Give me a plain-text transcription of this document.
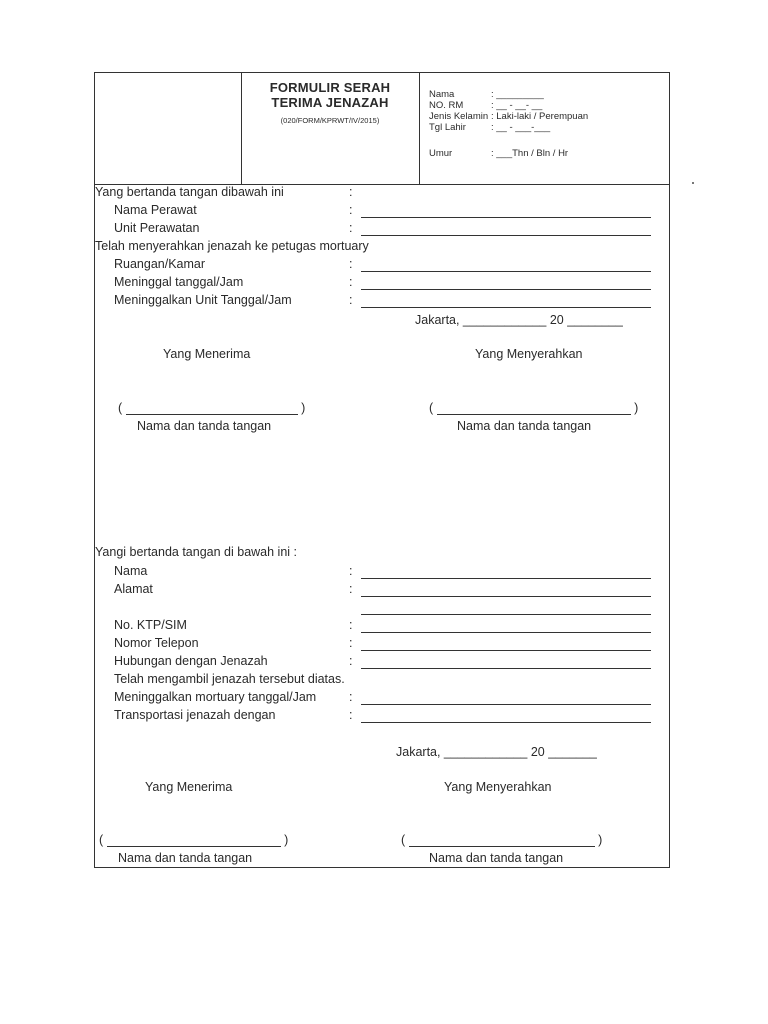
FORMULIR SERAH
TERIMA JENAZAH
(020/FORM/KPRWT/IV/2015)
Nama	: _________
NO. RM	: __ - __- __
Jenis Kelamin : Laki-laki / Perempuan
Tgl Lahir	: __ - ___-___
Umur	: ___Thn / Bln / Hr
Yang bertanda tangan dibawah ini	:
Nama Perawat	:
Unit Perawatan	:
Telah menyerahkan jenazah ke petugas mortuary
Ruangan/Kamar	:
Meninggal tanggal/Jam	:
Meninggalkan Unit Tanggal/Jam	:
Jakarta, ____________ 20 ________
Yang Menerima	Yang Menyerahkan
(	)	(	)
Nama dan tanda tangan	Nama dan tanda tangan
Yangi bertanda tangan di bawah ini :
Nama	:
Alamat	:
No. KTP/SIM	:
Nomor Telepon	:
Hubungan dengan Jenazah	:
Telah mengambil jenazah tersebut diatas.
Meninggalkan mortuary tanggal/Jam	:
Transportasi jenazah dengan	:
Jakarta, ____________ 20 _______
Yang Menerima	Yang Menyerahkan
(	)	(	)
Nama dan tanda tangan	Nama dan tanda tangan
